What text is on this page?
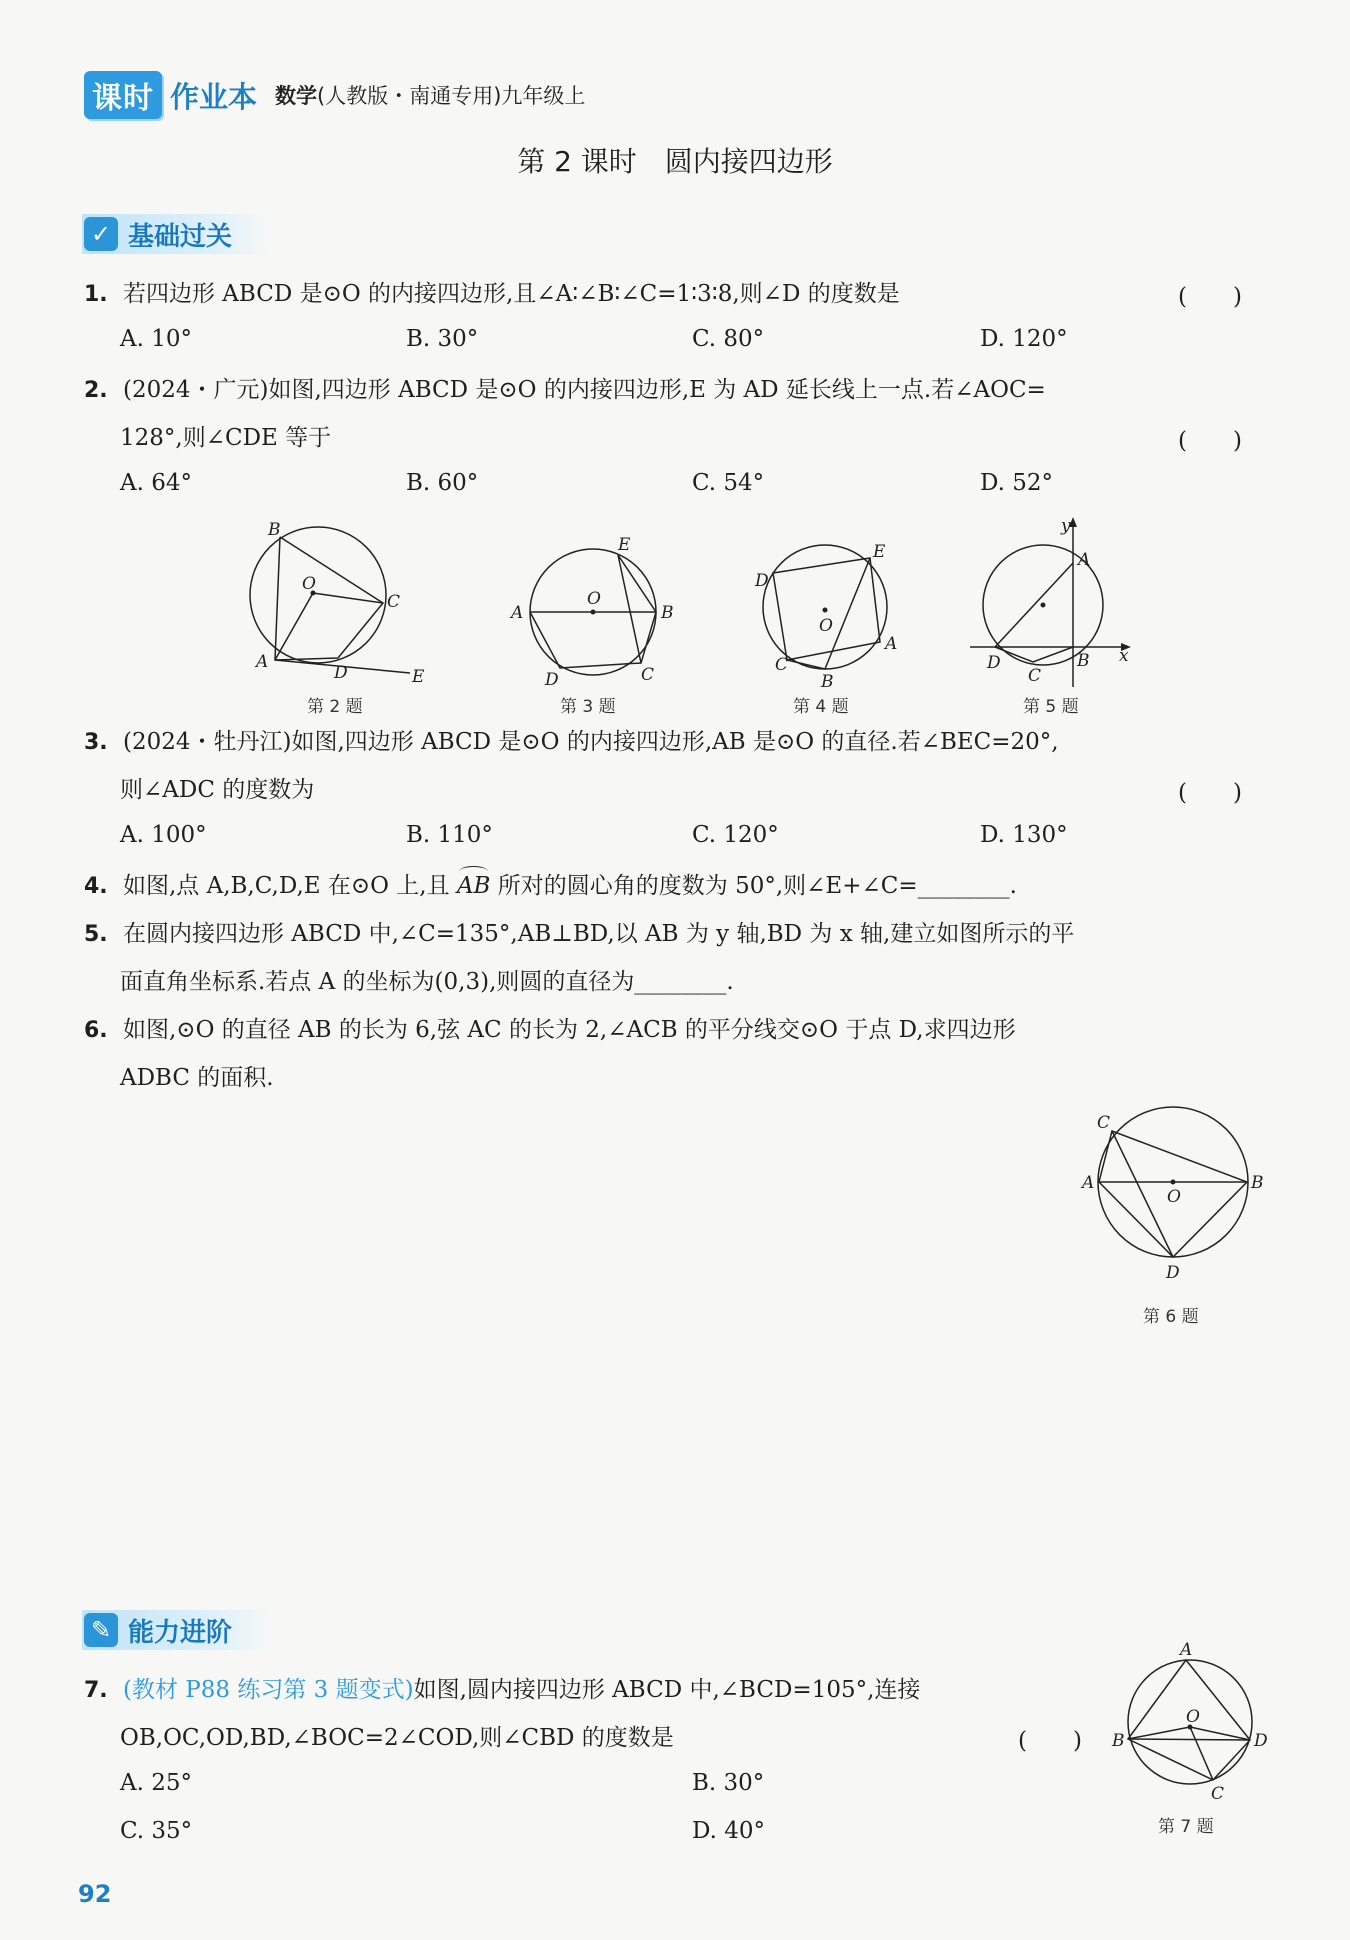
课时 作业本 数学(人教版・南通专用)九年级上
第 2 课时　圆内接四边形
✓ 基础过关
1. 若四边形 ABCD 是⊙O 的内接四边形,且∠A∶∠B∶∠C=1∶3∶8,则∠D 的度数是	(　　)
A. 10°	B. 30°	C. 80°	D. 120°
2. (2024・广元)如图,四边形 ABCD 是⊙O 的内接四边形,E 为 AD 延长线上一点.若∠AOC=
128°,则∠CDE 等于	(　　)
A. 64°	B. 60°	C. 54°	D. 52°
B
O
C
A
D	E
第 2 题
E
O
A	B
D	C
第 3 题
E
D
O
C
B
A
第 4 题
y
A
D
C
B x
第 5 题
3. (2024・牡丹江)如图,四边形 ABCD 是⊙O 的内接四边形,AB 是⊙O 的直径.若∠BEC=20°,
则∠ADC 的度数为	(　　)
A. 100°	B. 110°	C. 120°	D. 130°
4. 如图,点 A,B,C,D,E 在⊙O 上,且 AB 所对的圆心角的度数为 50°,则∠E+∠C=________.
5. 在圆内接四边形 ABCD 中,∠C=135°,AB⊥BD,以 AB 为 y 轴,BD 为 x 轴,建立如图所示的平
面直角坐标系.若点 A 的坐标为(0,3),则圆的直径为________.
6. 如图,⊙O 的直径 AB 的长为 6,弦 AC 的长为 2,∠ACB 的平分线交⊙O 于点 D,求四边形
ADBC 的面积.
C
A
O
B
D
第 6 题
✎ 能力进阶
7. (教材 P88 练习第 3 题变式)如图,圆内接四边形 ABCD 中,∠BCD=105°,连接
OB,OC,OD,BD,∠BOC=2∠COD,则∠CBD 的度数是	(　　)
A. 25°	B. 30°
C. 35°	D. 40°
A
O
B	D
C
第 7 题
92
